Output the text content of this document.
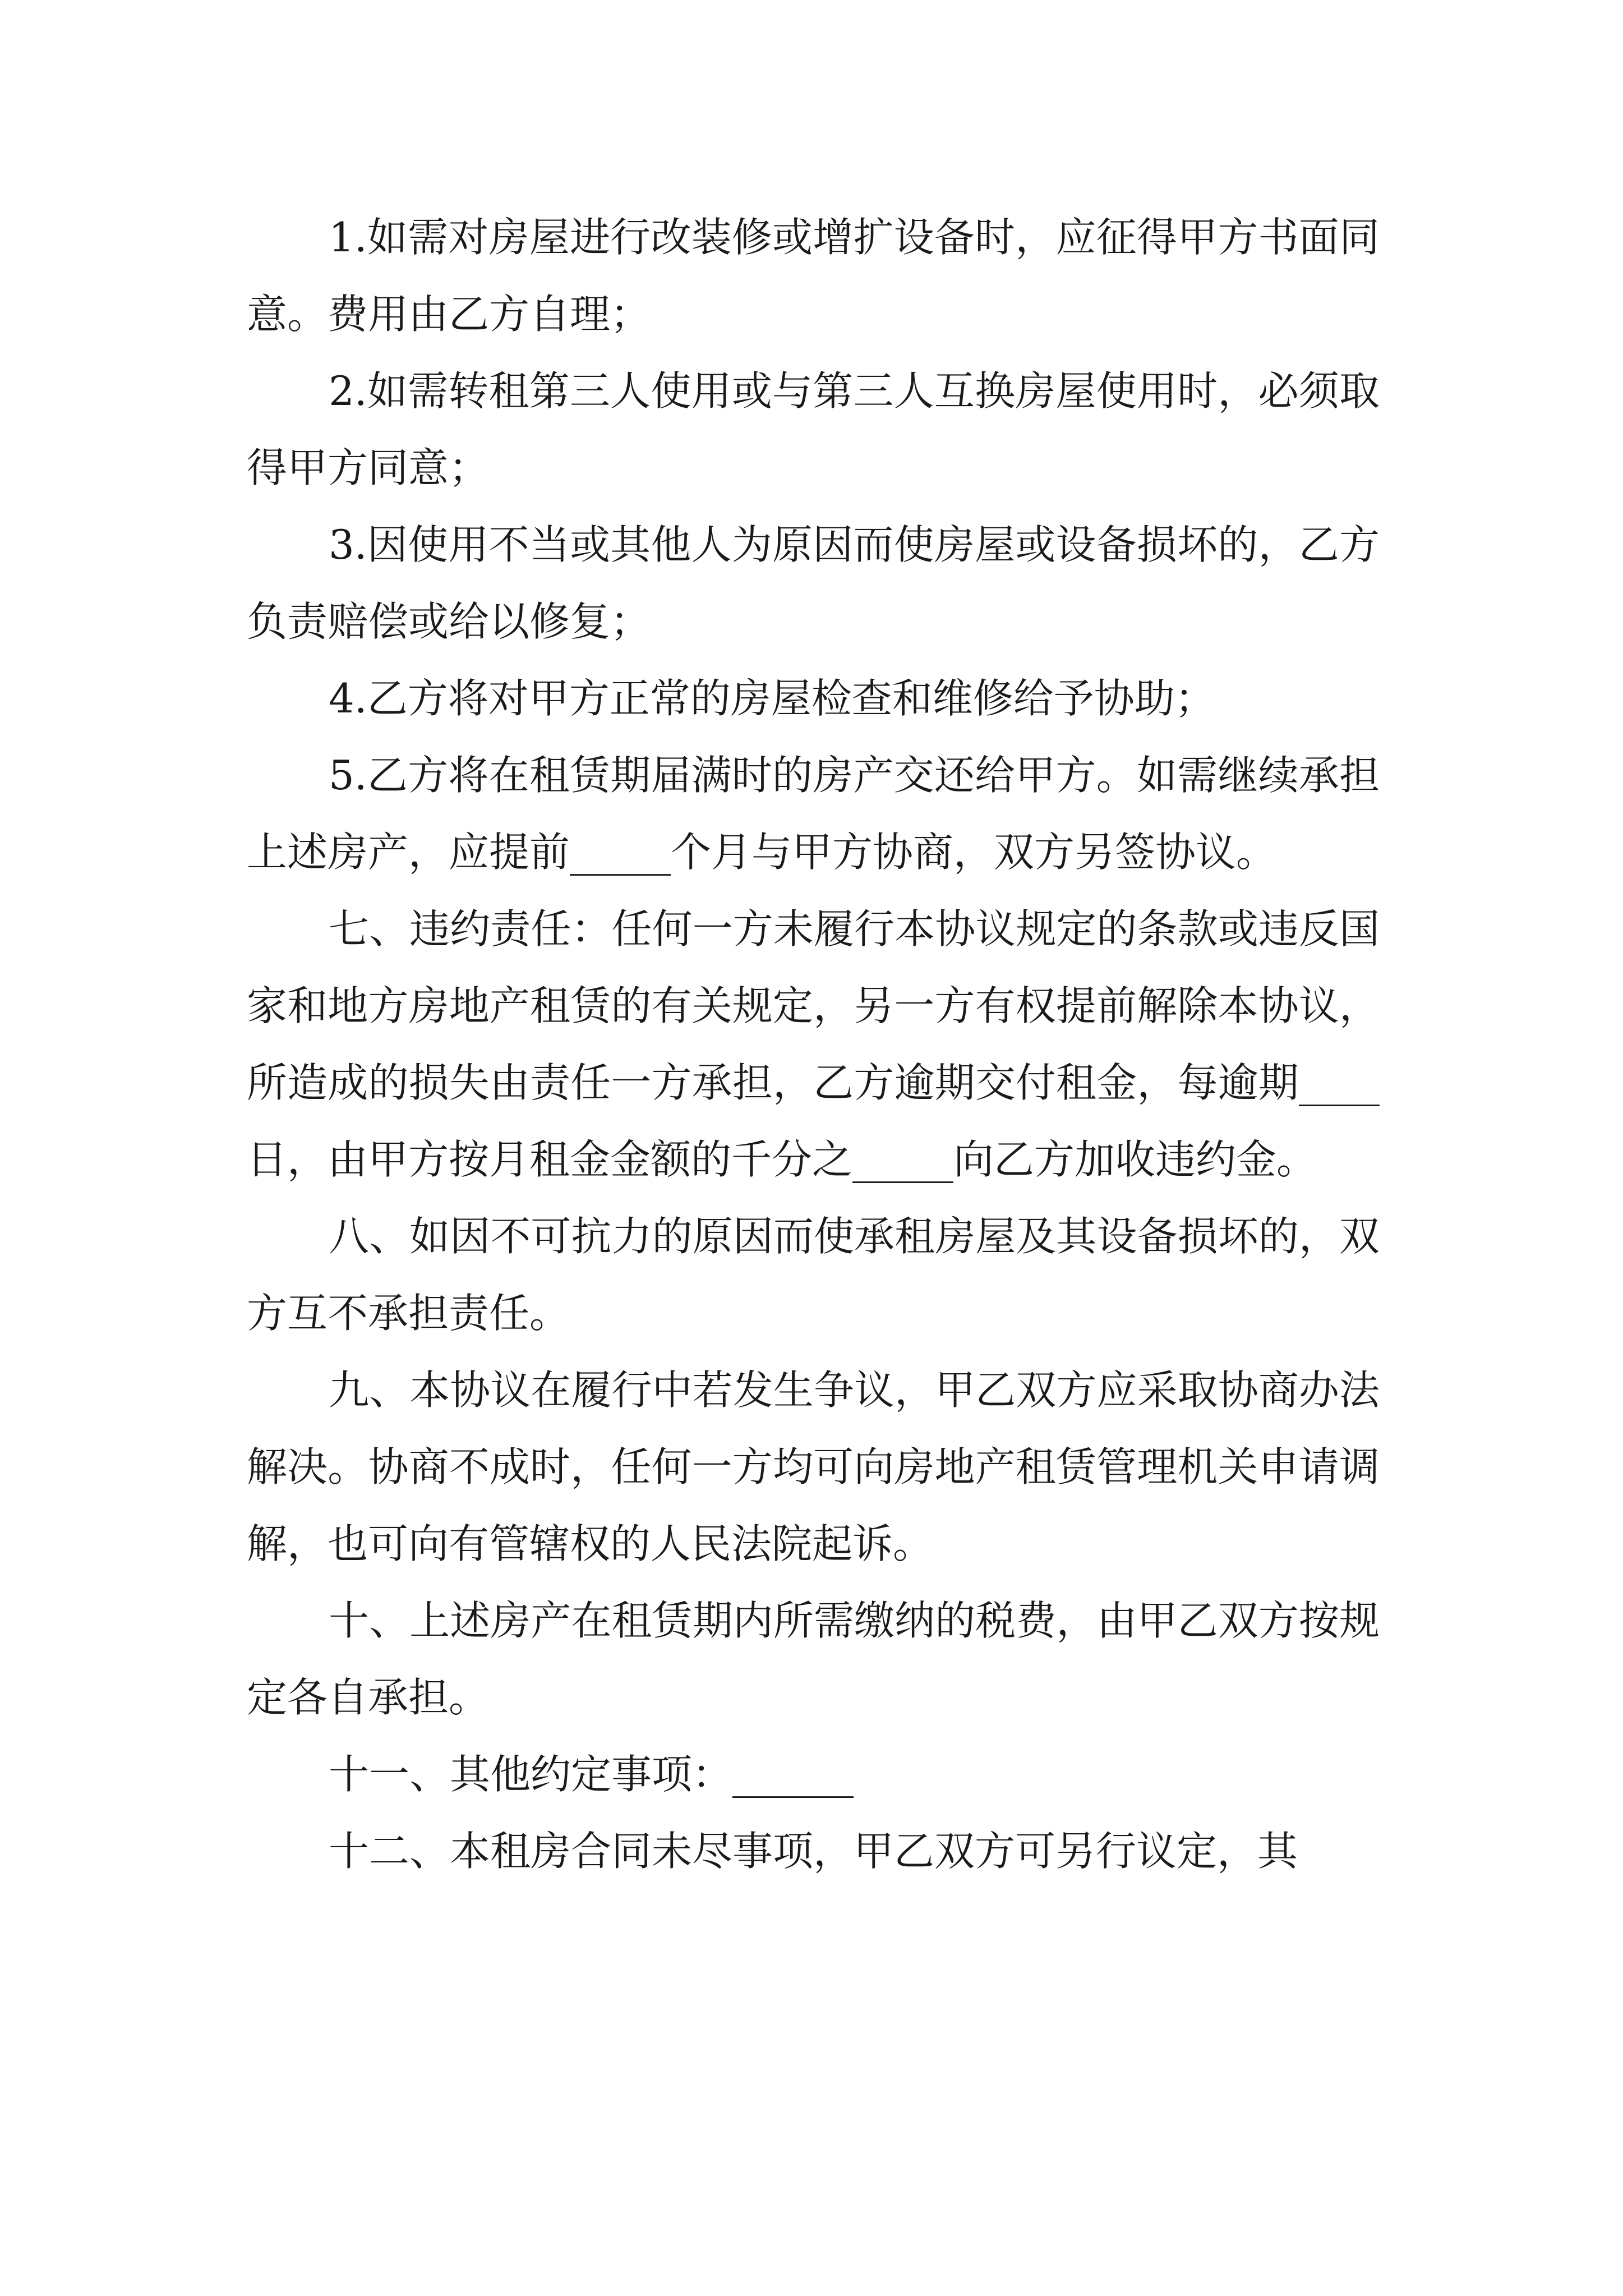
1.如需对房屋进行改装修或增扩设备时，应征得甲方书面同意。费用由乙方自理；

2.如需转租第三人使用或与第三人互换房屋使用时，必须取得甲方同意；

3.因使用不当或其他人为原因而使房屋或设备损坏的，乙方负责赔偿或给以修复；

4.乙方将对甲方正常的房屋检查和维修给予协助；

5.乙方将在租赁期届满时的房产交还给甲方。如需继续承担上述房产，应提前_____个月与甲方协商，双方另签协议。

七、违约责任：任何一方未履行本协议规定的条款或违反国家和地方房地产租赁的有关规定，另一方有权提前解除本协议，所造成的损失由责任一方承担，乙方逾期交付租金，每逾期____日，由甲方按月租金金额的千分之_____向乙方加收违约金。

八、如因不可抗力的原因而使承租房屋及其设备损坏的，双方互不承担责任。

九、本协议在履行中若发生争议，甲乙双方应采取协商办法解决。协商不成时，任何一方均可向房地产租赁管理机关申请调解，也可向有管辖权的人民法院起诉。

十、上述房产在租赁期内所需缴纳的税费，由甲乙双方按规定各自承担。

十一、其他约定事项：______

十二、本租房合同未尽事项，甲乙双方可另行议定，其
